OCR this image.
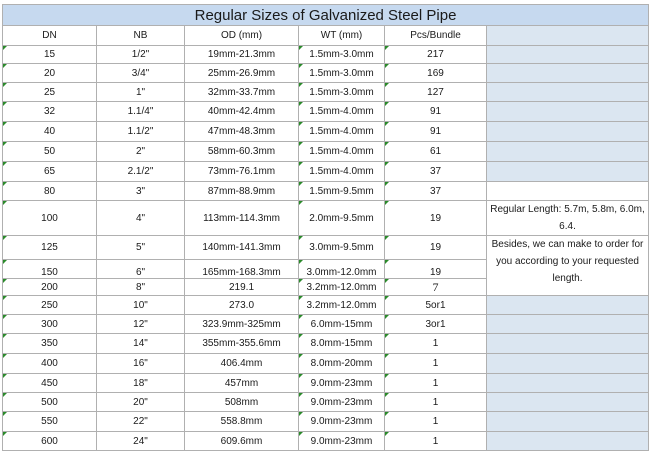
Regular Sizes of Galvanized Steel Pipe					
DN	NB	OD (mm)	WT (mm)	Pcs/Bundle	
15	1/2"	19mm-21.3mm	1.5mm-3.0mm	217	
20	3/4"	25mm-26.9mm	1.5mm-3.0mm	169	
25	1"	32mm-33.7mm	1.5mm-3.0mm	127	
32	1.1/4"	40mm-42.4mm	1.5mm-4.0mm	91	
40	1.1/2"	47mm-48.3mm	1.5mm-4.0mm	91	
50	2"	58mm-60.3mm	1.5mm-4.0mm	61	
65	2.1/2"	73mm-76.1mm	1.5mm-4.0mm	37	
80	3"	87mm-88.9mm	1.5mm-9.5mm	37	
100	4"	113mm-114.3mm	2.0mm-9.5mm	19	Regular Length: 5.7m, 5.8m, 6.0m, 6.4.
125	5"	140mm-141.3mm	3.0mm-9.5mm	19	Besides, we can make to order for you according to your requested length.
150	6"	165mm-168.3mm	3.0mm-12.0mm	19	
200	8"	219.1	3.2mm-12.0mm	7	
250	10"	273.0	3.2mm-12.0mm	5or1	
300	12"	323.9mm-325mm	6.0mm-15mm	3or1	
350	14"	355mm-355.6mm	8.0mm-15mm	1	
400	16"	406.4mm	8.0mm-20mm	1	
450	18"	457mm	9.0mm-23mm	1	
500	20"	508mm	9.0mm-23mm	1	
550	22"	558.8mm	9.0mm-23mm	1	
600	24"	609.6mm	9.0mm-23mm	1	
